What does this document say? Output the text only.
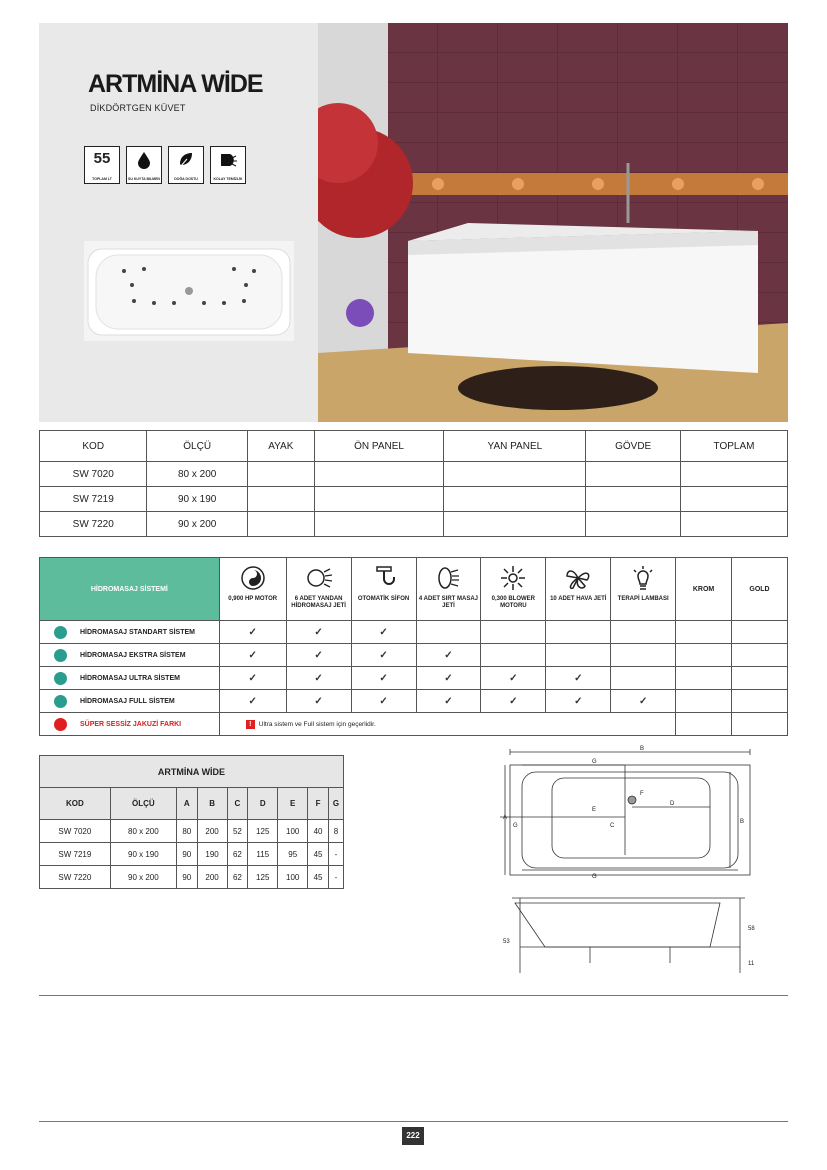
ARTMİNA WİDE
DİKDÖRTGEN KÜVET
55
TOPLAM LT	SU KUYTA BILMEN	DOĞA DOSTU	KOLAY TEMİZLİK
KOD	ÖLÇÜ	AYAK	ÖN PANEL	YAN PANEL	GÖVDE	TOPLAM
SW 7020	80 x 200					
SW 7219	90 x 190					
SW 7220	90 x 200					
HİDROMASAJ SİSTEMİ	0,900 HP MOTOR	6 ADET YANDAN HİDROMASAJ JETİ	OTOMATİK SİFON	4 ADET SIRT MASAJ JETİ	0,300 BLOWER MOTORU	10 ADET HAVA JETİ	TERAPİ LAMBASI	KROM	GOLD

HİDROMASAJ STANDART SİSTEM	✓	✓	✓						

HİDROMASAJ EKSTRA SİSTEM	✓	✓	✓	✓					

HİDROMASAJ ULTRA SİSTEM	✓	✓	✓	✓	✓	✓			

HİDROMASAJ FULL SİSTEM	✓	✓	✓	✓	✓	✓	✓		

SÜPER SESSİZ JAKUZİ FARKI	! Ultra sistem ve Full sistem için geçerlidir.								
ARTMİNA WİDE								
KOD	ÖLÇÜ	A	B	C	D	E	F	G
SW 7020	80 x 200	80	200	52	125	100	40	8
SW 7219	90 x 190	90	190	62	115	95	45	-
SW 7220	90 x 200	90	200	62	125	100	45	-
B
G
A
G
E
C
D
F
B
G
53
58
11
222
